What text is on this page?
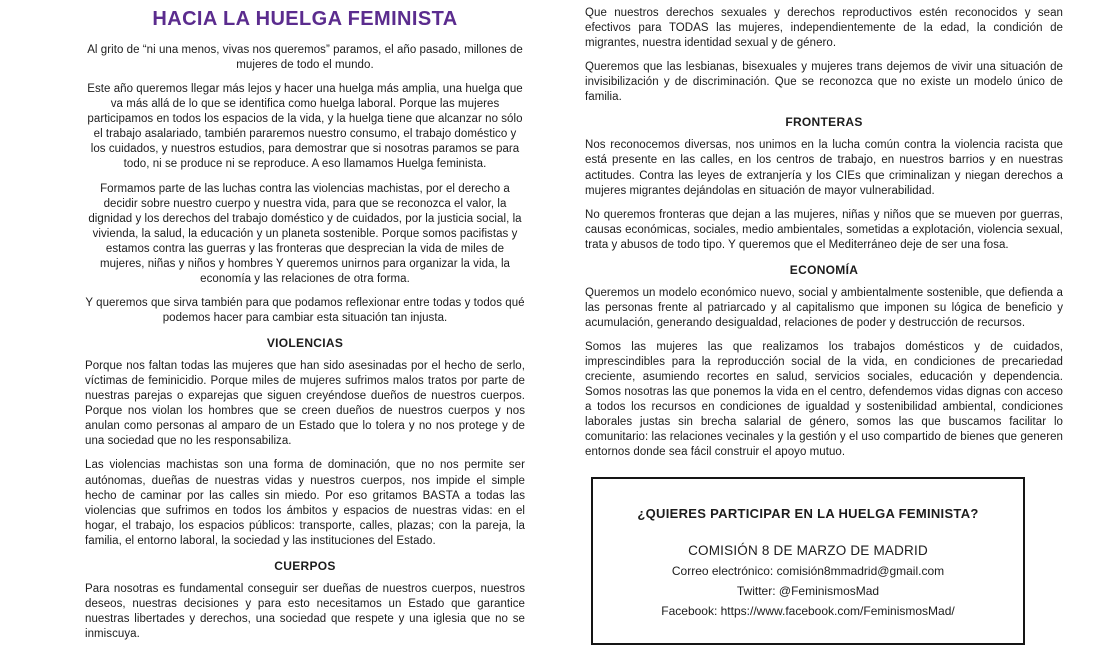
HACIA LA HUELGA FEMINISTA

Al grito de “ni una menos, vivas nos queremos” paramos, el año pasado, millones de mujeres de todo el mundo.

Este año queremos llegar más lejos y hacer una huelga más amplia, una huelga que va más allá de lo que se identifica como huelga laboral. Porque las mujeres participamos en todos los espacios de la vida, y la huelga tiene que alcanzar no sólo el trabajo asalariado, también pararemos nuestro consumo, el trabajo doméstico y los cuidados, y nuestros estudios, para demostrar que si nosotras paramos se para todo, ni se produce ni se reproduce. A eso llamamos Huelga feminista.

Formamos parte de las luchas contra las violencias machistas, por el derecho a decidir sobre nuestro cuerpo y nuestra vida, para que se reconozca el valor, la dignidad y los derechos del trabajo doméstico y de cuidados, por la justicia social, la vivienda, la salud, la educación y un planeta sostenible. Porque somos pacifistas y estamos contra las guerras y las fronteras que desprecian la vida de miles de mujeres, niñas y niños y hombres Y queremos unirnos para organizar la vida, la economía y las relaciones de otra forma.

Y queremos que sirva también para que podamos reflexionar entre todas y todos qué podemos hacer para cambiar esta situación tan injusta.

VIOLENCIAS

Porque nos faltan todas las mujeres que han sido asesinadas por el hecho de serlo, víctimas de feminicidio. Porque miles de mujeres sufrimos malos tratos por parte de nuestras parejas o exparejas que siguen creyéndose dueños de nuestros cuerpos. Porque nos violan los hombres que se creen dueños de nuestros cuerpos y nos anulan como personas al amparo de un Estado que lo tolera y no nos protege y de una sociedad que no les responsabiliza.

Las violencias machistas son una forma de dominación, que no nos permite ser autónomas, dueñas de nuestras vidas y nuestros cuerpos, nos impide el simple hecho de caminar por las calles sin miedo. Por eso gritamos BASTA a todas las violencias que sufrimos en todos los ámbitos y espacios de nuestras vidas: en el hogar, el trabajo, los espacios públicos: transporte, calles, plazas; con la pareja, la familia, el entorno laboral, la sociedad y las instituciones del Estado.

CUERPOS

Para nosotras es fundamental conseguir ser dueñas de nuestros cuerpos, nuestros deseos, nuestras decisiones y para esto necesitamos un Estado que garantice nuestras libertades y derechos, una sociedad que respete y una iglesia que no se inmiscuya.

Que nuestros derechos sexuales y derechos reproductivos estén reconocidos y sean efectivos para TODAS las mujeres, independientemente de la edad, la condición de migrantes, nuestra identidad sexual y de género.

Queremos que las lesbianas, bisexuales y mujeres trans dejemos de vivir una situación de invisibilización y de discriminación. Que se reconozca que no existe un modelo único de familia.

FRONTERAS

Nos reconocemos diversas, nos unimos en la lucha común contra la violencia racista que está presente en las calles, en los centros de trabajo, en nuestros barrios y en nuestras actitudes. Contra las leyes de extranjería y los CIEs que criminalizan y niegan derechos a mujeres migrantes dejándolas en situación de mayor vulnerabilidad.

No queremos fronteras que dejan a las mujeres, niñas y niños que se mueven por guerras, causas económicas, sociales, medio ambientales, sometidas a explotación, violencia sexual, trata y abusos de todo tipo. Y queremos que el Mediterráneo deje de ser una fosa.

ECONOMÍA

Queremos un modelo económico nuevo, social y ambientalmente sostenible, que defienda a las personas frente al patriarcado y al capitalismo que imponen su lógica de beneficio y acumulación, generando desigualdad, relaciones de poder y destrucción de recursos.

Somos las mujeres las que realizamos los trabajos domésticos y de cuidados, imprescindibles para la reproducción social de la vida, en condiciones de precariedad creciente, asumiendo recortes en salud, servicios sociales, educación y dependencia. Somos nosotras las que ponemos la vida en el centro, defendemos vidas dignas con acceso a todos los recursos en condiciones de igualdad y sostenibilidad ambiental, condiciones laborales justas sin brecha salarial de género, somos las que buscamos facilitar lo comunitario: las relaciones vecinales y la gestión y el uso compartido de bienes que generen entornos donde sea fácil construir el apoyo mutuo.

¿QUIERES PARTICIPAR EN LA HUELGA FEMINISTA?

COMISIÓN 8 DE MARZO DE MADRID

Correo electrónico: comisión8mmadrid@gmail.com

Twitter: @FeminismosMad

Facebook: https://www.facebook.com/FeminismosMad/
